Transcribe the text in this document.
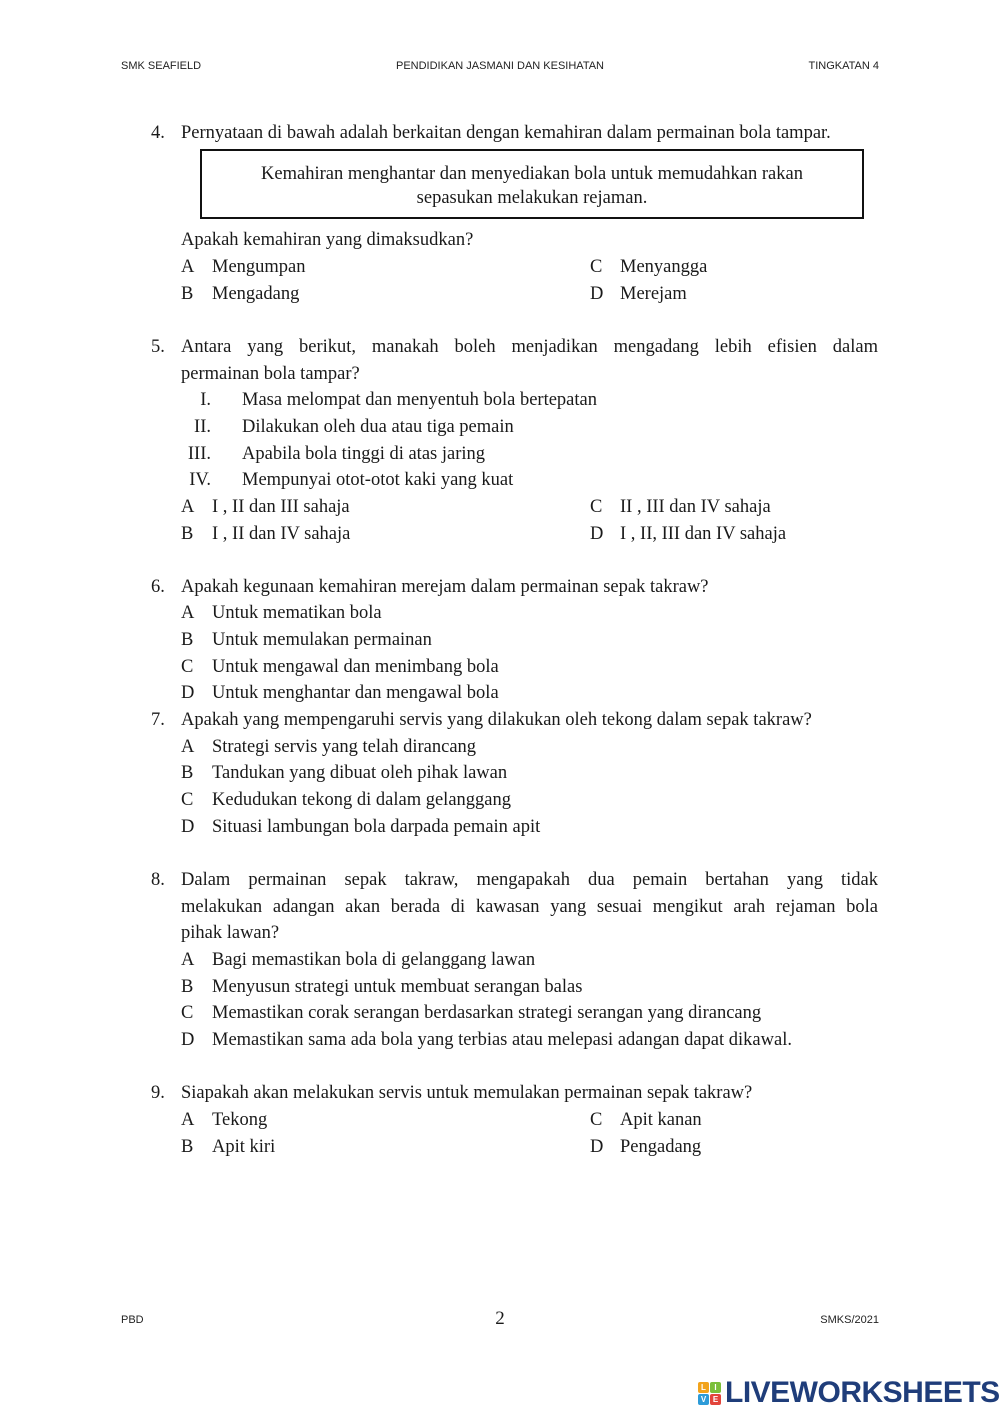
SMK SEAFIELD	PENDIDIKAN JASMANI DAN KESIHATAN	TINGKATAN 4
4. Pernyataan di bawah adalah berkaitan dengan kemahiran dalam permainan bola tampar.
Kemahiran menghantar dan menyediakan bola untuk memudahkan rakan
sepasukan melakukan rejaman.
Apakah kemahiran yang dimaksudkan?
A Mengumpan	C Menyangga
B Mengadang	D Merejam
5. Antara yang berikut, manakah boleh menjadikan mengadang lebih efisien dalam
permainan bola tampar?
I. Masa melompat dan menyentuh bola bertepatan
II. Dilakukan oleh dua atau tiga pemain
III. Apabila bola tinggi di atas jaring
IV. Mempunyai otot-otot kaki yang kuat
A I , II dan III sahaja	C II , III dan IV sahaja
B I , II dan IV sahaja	D I , II, III dan IV sahaja
6. Apakah kegunaan kemahiran merejam dalam permainan sepak takraw?
A Untuk mematikan bola
B Untuk memulakan permainan
C Untuk mengawal dan menimbang bola
D Untuk menghantar dan mengawal bola
7. Apakah yang mempengaruhi servis yang dilakukan oleh tekong dalam sepak takraw?
A Strategi servis yang telah dirancang
B Tandukan yang dibuat oleh pihak lawan
C Kedudukan tekong di dalam gelanggang
D Situasi lambungan bola darpada pemain apit
8. Dalam permainan sepak takraw, mengapakah dua pemain bertahan yang tidak
melakukan adangan akan berada di kawasan yang sesuai mengikut arah rejaman bola
pihak lawan?
A Bagi memastikan bola di gelanggang lawan
B Menyusun strategi untuk membuat serangan balas
C Memastikan corak serangan berdasarkan strategi serangan yang dirancang
D Memastikan sama ada bola yang terbias atau melepasi adangan dapat dikawal.
9. Siapakah akan melakukan servis untuk memulakan permainan sepak takraw?
A Tekong	C Apit kanan
B Apit kiri	D Pengadang
PBD	2	SMKS/2021
L	I
V E LIVEWORKSHEETS
